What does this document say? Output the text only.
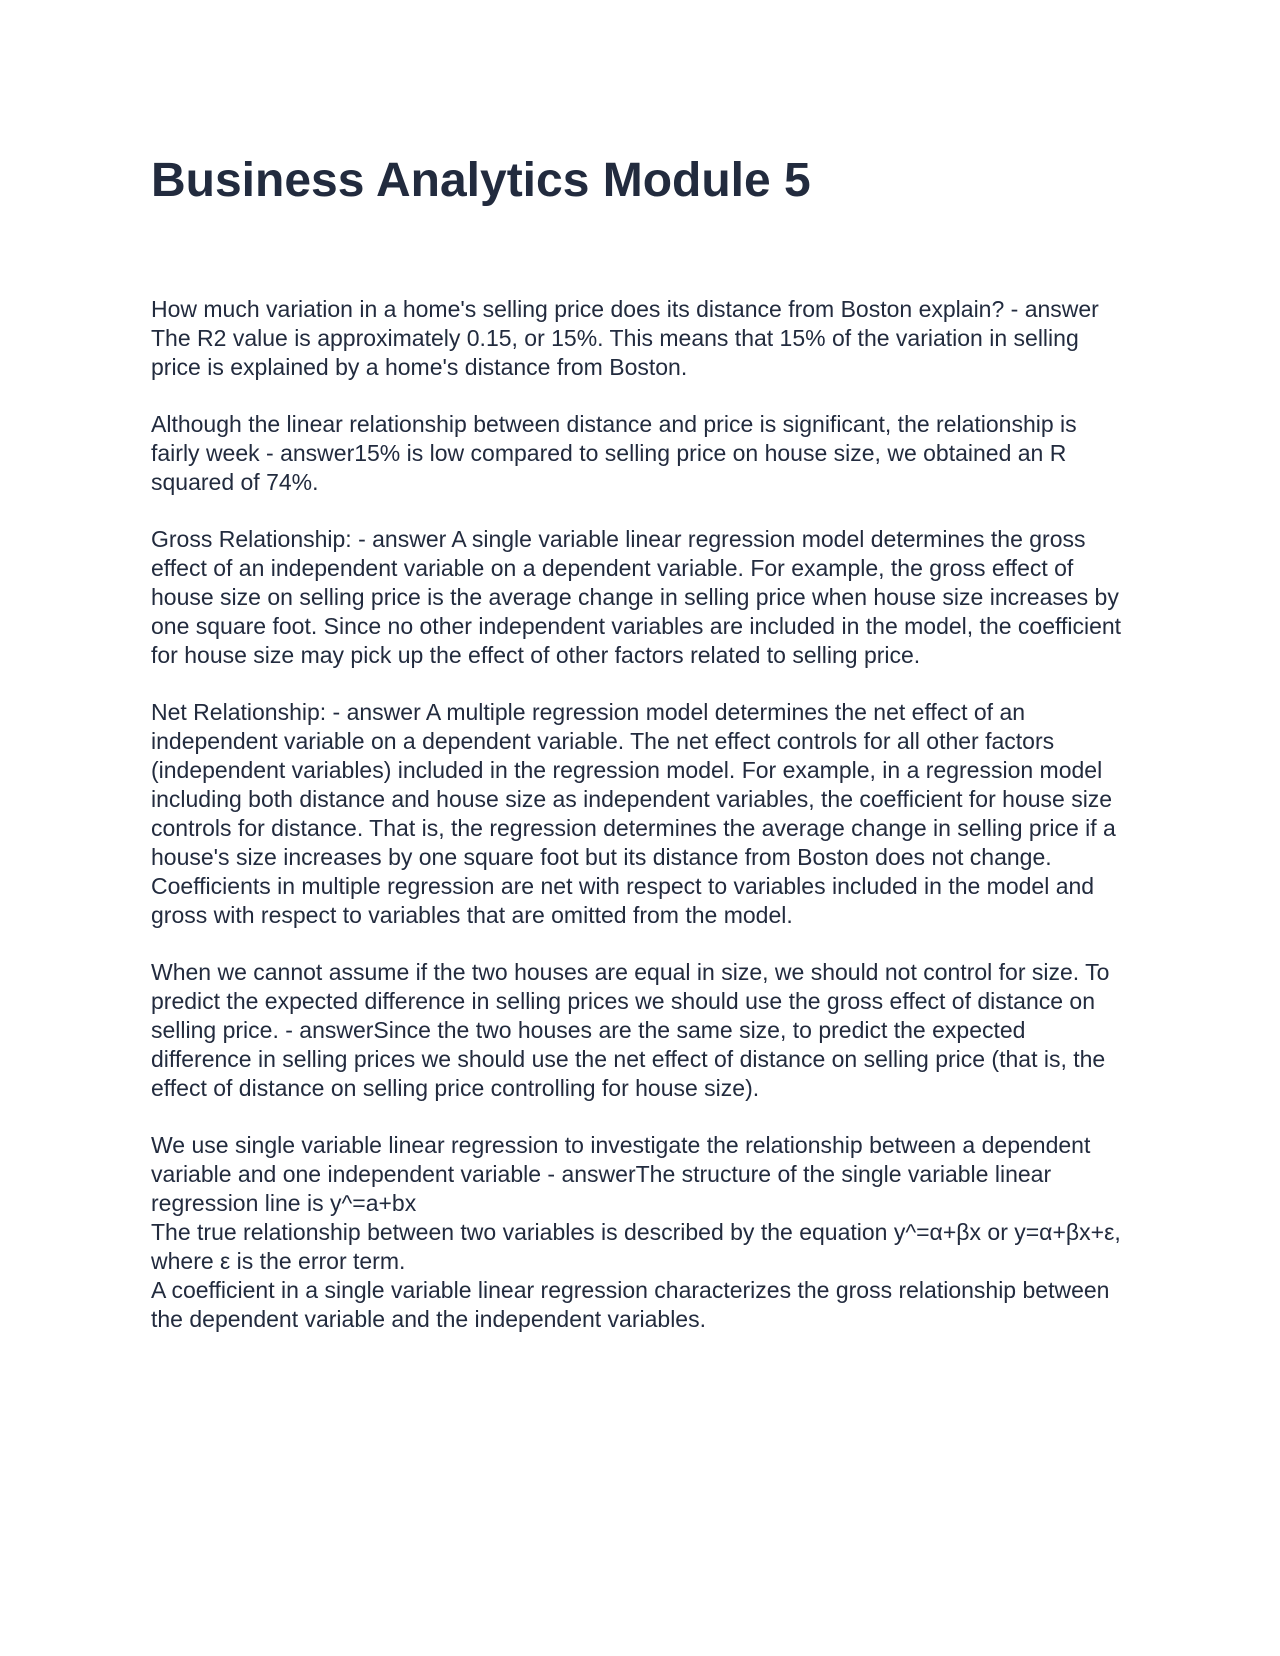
Business Analytics Module 5

How much variation in a home's selling price does its distance from Boston explain? - answer The R2 value is approximately 0.15, or 15%. This means that 15% of the variation in selling price is explained by a home's distance from Boston.

Although the linear relationship between distance and price is significant, the relationship is fairly week - answer15% is low compared to selling price on house size, we obtained an R squared of 74%.

Gross Relationship: - answer A single variable linear regression model determines the gross effect of an independent variable on a dependent variable. For example, the gross effect of house size on selling price is the average change in selling price when house size increases by one square foot. Since no other independent variables are included in the model, the coefficient for house size may pick up the effect of other factors related to selling price.

Net Relationship: - answer A multiple regression model determines the net effect of an independent variable on a dependent variable. The net effect controls for all other factors (independent variables) included in the regression model. For example, in a regression model including both distance and house size as independent variables, the coefficient for house size controls for distance. That is, the regression determines the average change in selling price if a house's size increases by one square foot but its distance from Boston does not change. Coefficients in multiple regression are net with respect to variables included in the model and gross with respect to variables that are omitted from the model.

When we cannot assume if the two houses are equal in size, we should not control for size. To predict the expected difference in selling prices we should use the gross effect of distance on selling price. - answerSince the two houses are the same size, to predict the expected difference in selling prices we should use the net effect of distance on selling price (that is, the effect of distance on selling price controlling for house size).

We use single variable linear regression to investigate the relationship between a dependent variable and one independent variable - answerThe structure of the single variable linear regression line is y^=a+bx

The true relationship between two variables is described by the equation y^=α+βx or y=α+βx+ε, where ε is the error term.

A coefficient in a single variable linear regression characterizes the gross relationship between the dependent variable and the independent variables.
